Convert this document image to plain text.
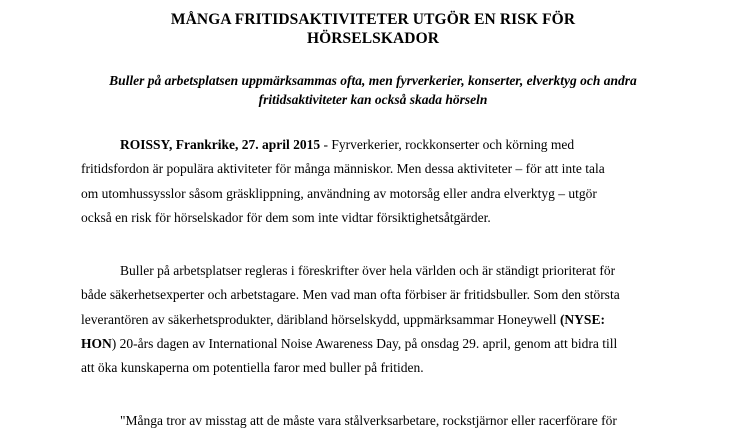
MÅNGA FRITIDSAKTIVITETER UTGÖR EN RISK FÖR
HÖRSELSKADOR
Buller på arbetsplatsen uppmärksammas ofta, men fyrverkerier, konserter, elverktyg och andra
fritidsaktiviteter kan också skada hörseln
ROISSY, Frankrike, 27. april 2015 - Fyrverkerier, rockkonserter och körning med
fritidsfordon är populära aktiviteter för många människor. Men dessa aktiviteter – för att inte tala
om utomhussysslor såsom gräsklippning, användning av motorsåg eller andra elverktyg – utgör
också en risk för hörselskador för dem som inte vidtar försiktighetsåtgärder.
Buller på arbetsplatser regleras i föreskrifter över hela världen och är ständigt prioriterat för
både säkerhetsexperter och arbetstagare. Men vad man ofta förbiser är fritidsbuller. Som den största
leverantören av säkerhetsprodukter, däribland hörselskydd, uppmärksammar Honeywell (NYSE:
HON) 20-års dagen av International Noise Awareness Day, på onsdag 29. april, genom att bidra till
att öka kunskaperna om potentiella faror med buller på fritiden.
"Många tror av misstag att de måste vara stålverksarbetare, rockstjärnor eller racerförare för
